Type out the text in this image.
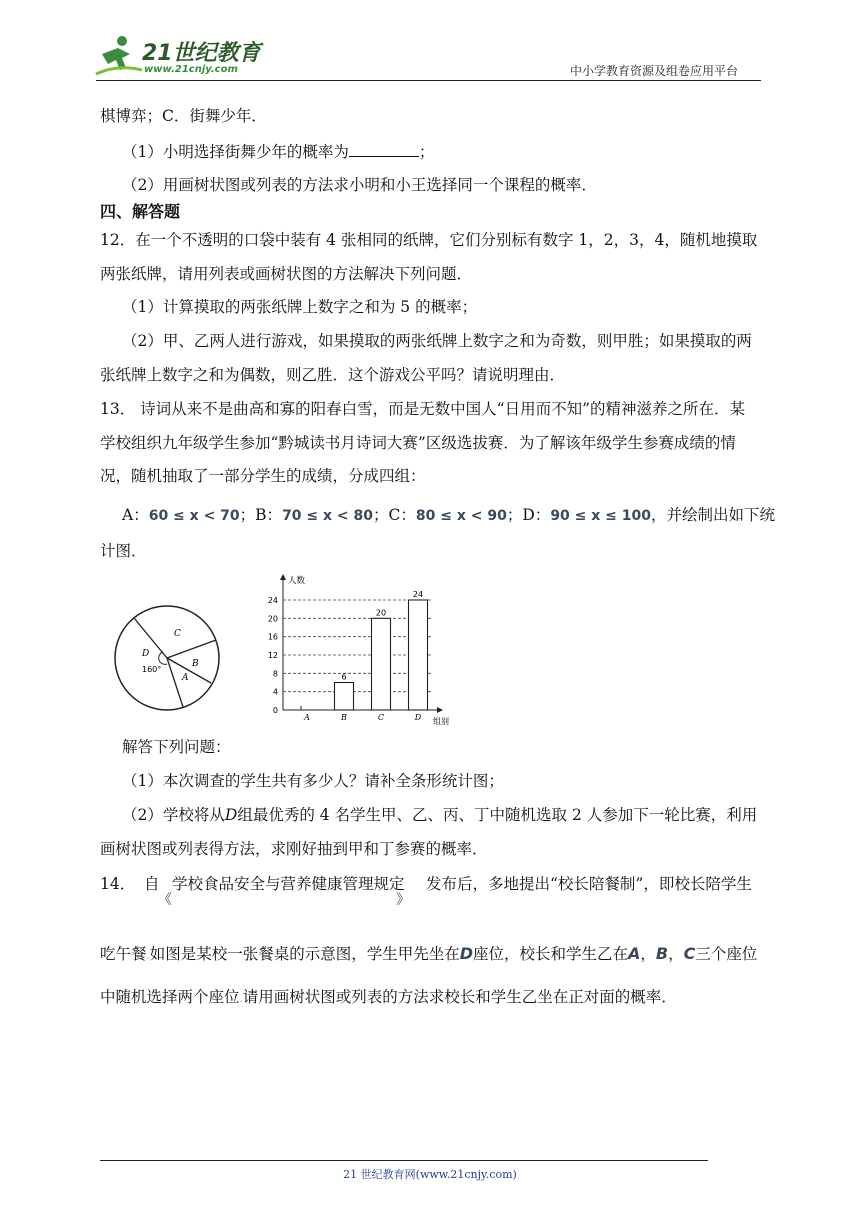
21世纪教育
www.21cnjy.com	中小学教育资源及组卷应用平台
棋博弈；C．街舞少年．
（1）小明选择街舞少年的概率为	；
（2）用画树状图或列表的方法求小明和小王选择同一个课程的概率．
四、解答题
12．在一个不透明的口袋中装有 4 张相同的纸牌，它们分别标有数字 1，2，3，4，随机地摸取
两张纸牌，请用列表或画树状图的方法解决下列问题．
（1）计算摸取的两张纸牌上数字之和为 5 的概率；
（2）甲、乙两人进行游戏，如果摸取的两张纸牌上数字之和为奇数，则甲胜；如果摸取的两
张纸牌上数字之和为偶数，则乙胜．这个游戏公平吗？请说明理由．
13． 诗词从来不是曲高和寡的阳春白雪，而是无数中国人“日用而不知”的精神滋养之所在．某
学校组织九年级学生参加“黔城读书月诗词大赛”区级选拔赛．为了解该年级学生参赛成绩的情
况，随机抽取了一部分学生的成绩，分成四组：
A：60 ≤ x < 70；B：70 ≤ x < 80；C：80 ≤ x < 90；D：90 ≤ x ≤ 100，并绘制出如下统
计图．
C
D
B
A
160°
人数
组别
0
4
8
12
16
20
24
A	B
6
C
20
D
24
解答下列问题：
（1）本次调查的学生共有多少人？请补全条形统计图；
（2）学校将从D组最优秀的 4 名学生甲、乙、丙、丁中随机选取 2 人参加下一轮比赛，利用
画树状图或列表得方法，求刚好抽到甲和丁参赛的概率．
14． 自
《
学校食品安全与营养健康管理规定
》
发布后，多地提出“校长陪餐制”，即校长陪学生
吃午餐.如图是某校一张餐桌的示意图，学生甲先坐在D座位，校长和学生乙在A，B，C三个座位
中随机选择两个座位.请用画树状图或列表的方法求校长和学生乙坐在正对面的概率．
21 世纪教育网(www.21cnjy.com)
